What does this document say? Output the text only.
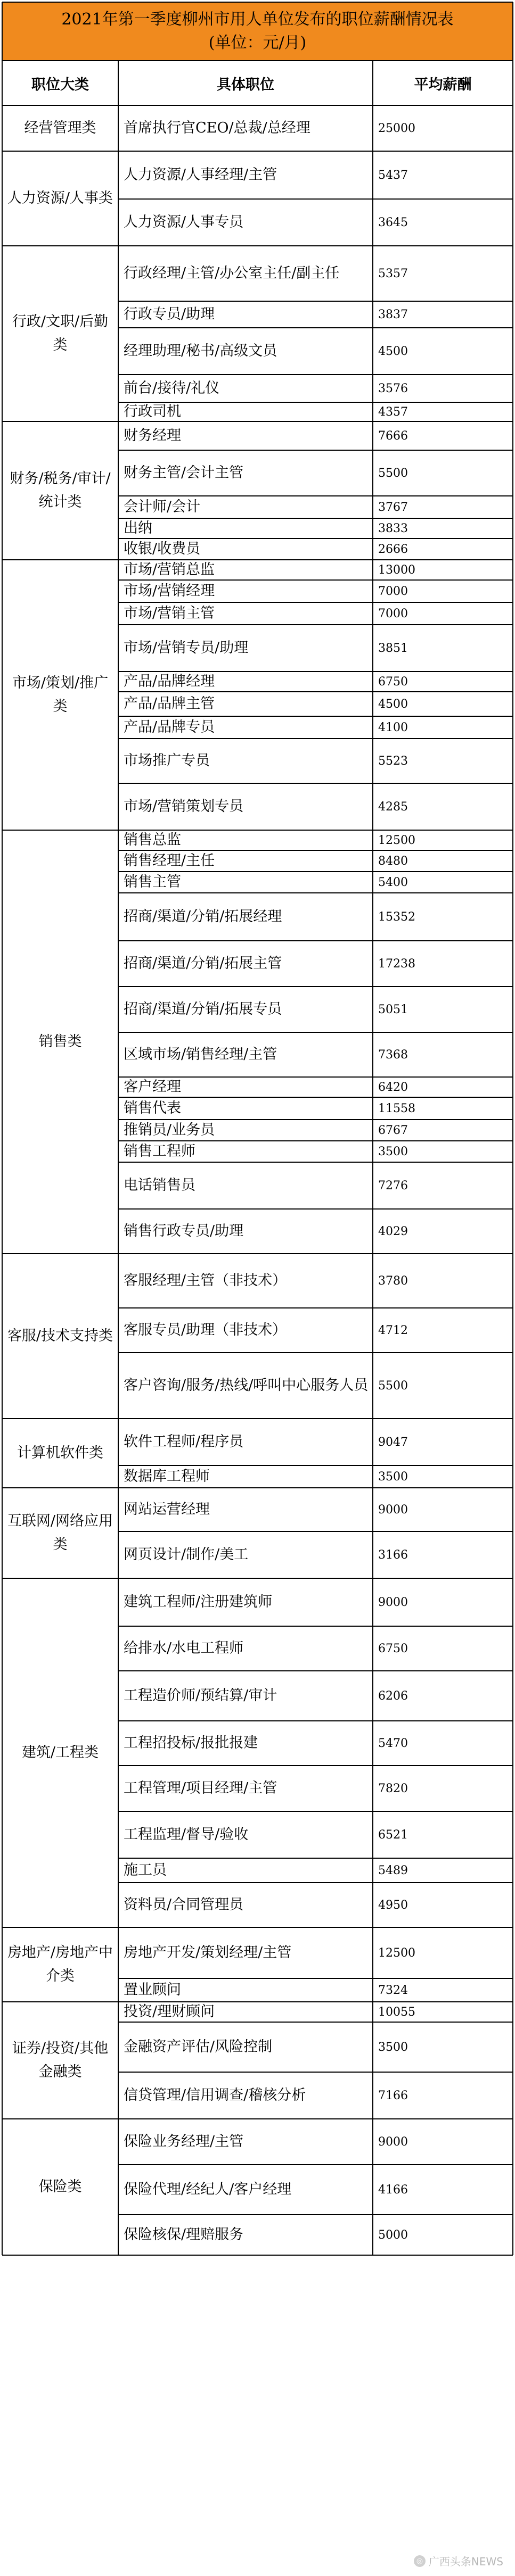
2021年第一季度柳州市用人单位发布的职位薪酬情况表
(单位：元/月)
职位大类	具体职位	平均薪酬
首席执行官CEO/总裁/总经理	25000
经营管理类
人力资源/人事经理/主管	5437
人力资源/人事专员	3645
人力资源/人事类
行政经理/主管/办公室主任/副主任	5357
行政专员/助理	3837
经理助理/秘书/高级文员	4500
前台/接待/礼仪	3576
行政司机	4357
行政/文职/后勤类
财务经理	7666
财务主管/会计主管	5500
会计师/会计	3767
出纳	3833
收银/收费员	2666
财务/税务/审计/统计类
市场/营销总监	13000
市场/营销经理	7000
市场/营销主管	7000
市场/营销专员/助理	3851
产品/品牌经理	6750
产品/品牌主管	4500
产品/品牌专员	4100
市场推广专员	5523
市场/营销策划专员	4285
市场/策划/推广类
销售总监	12500
销售经理/主任	8480
销售主管	5400
招商/渠道/分销/拓展经理	15352
招商/渠道/分销/拓展主管	17238
招商/渠道/分销/拓展专员	5051
区域市场/销售经理/主管	7368
客户经理	6420
销售代表	11558
推销员/业务员	6767
销售工程师	3500
电话销售员	7276
销售行政专员/助理	4029
销售类
客服经理/主管（非技术）	3780
客服专员/助理（非技术）	4712
客户咨询/服务/热线/呼叫中心服务人员 5500
客服/技术支持类
软件工程师/程序员	9047
数据库工程师	3500
计算机软件类
网站运营经理	9000
网页设计/制作/美工	3166
互联网/网络应用类
建筑工程师/注册建筑师	9000
给排水/水电工程师	6750
工程造价师/预结算/审计	6206
工程招投标/报批报建	5470
工程管理/项目经理/主管	7820
工程监理/督导/验收	6521
施工员	5489
资料员/合同管理员	4950
建筑/工程类
房地产开发/策划经理/主管	12500
置业顾问	7324
房地产/房地产中介类
投资/理财顾问	10055
金融资产评估/风险控制	3500
信贷管理/信用调查/稽核分析	7166
证券/投资/其他金融类
保险业务经理/主管	9000
保险代理/经纪人/客户经理	4166
保险核保/理赔服务	5000
保险类
◎ 广西头条NEWS
